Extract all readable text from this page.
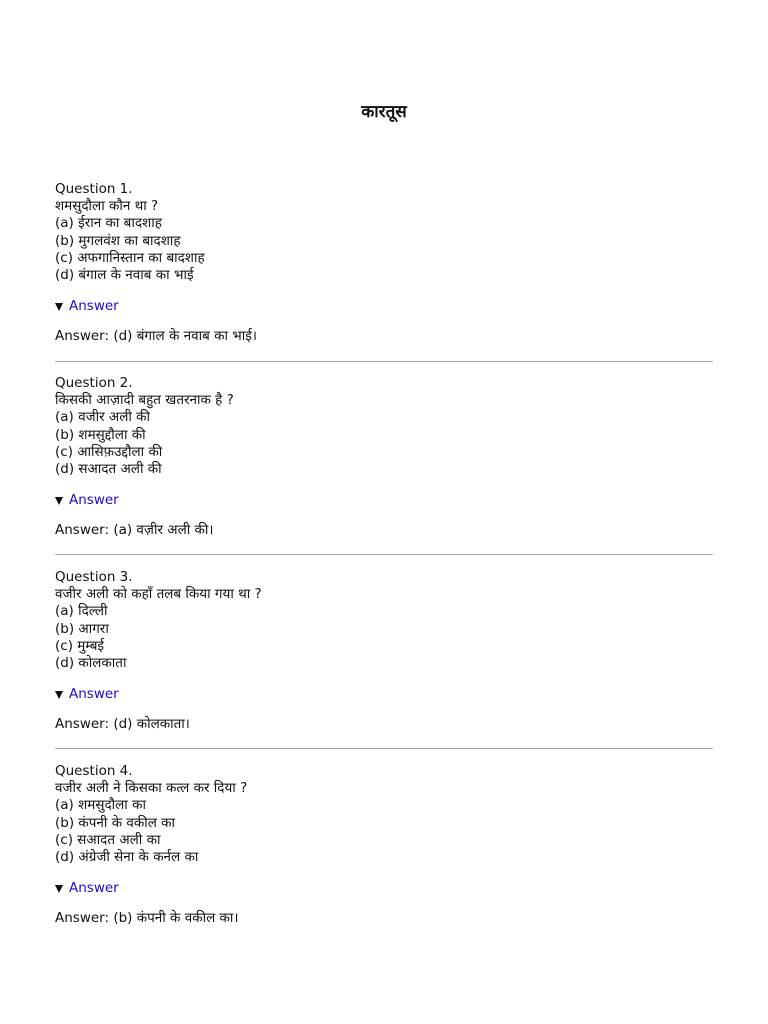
कारतूस
Question 1.
शमसुदौला कौन था ?
(a) ईरान का बादशाह
(b) मुगलवंश का बादशाह
(c) अफगानिस्तान का बादशाह
(d) बंगाल के नवाब का भाई
Answer
Answer: (d) बंगाल के नवाब का भाई।
Question 2.
किसकी आज़ादी बहुत खतरनाक है ?
(a) वजीर अली की
(b) शमसुद्दौला की
(c) आसिफ़उद्दौला की
(d) सआदत अली की
Answer
Answer: (a) वज़ीर अली की।
Question 3.
वजीर अली को कहाँ तलब किया गया था ?
(a) दिल्ली
(b) आगरा
(c) मुम्बई
(d) कोलकाता
Answer
Answer: (d) कोलकाता।
Question 4.
वजीर अली ने किसका कत्ल कर दिया ?
(a) शमसुदौला का
(b) कंपनी के वकील का
(c) सआदत अली का
(d) अंग्रेजी सेना के कर्नल का
Answer
Answer: (b) कंपनी के वकील का।
